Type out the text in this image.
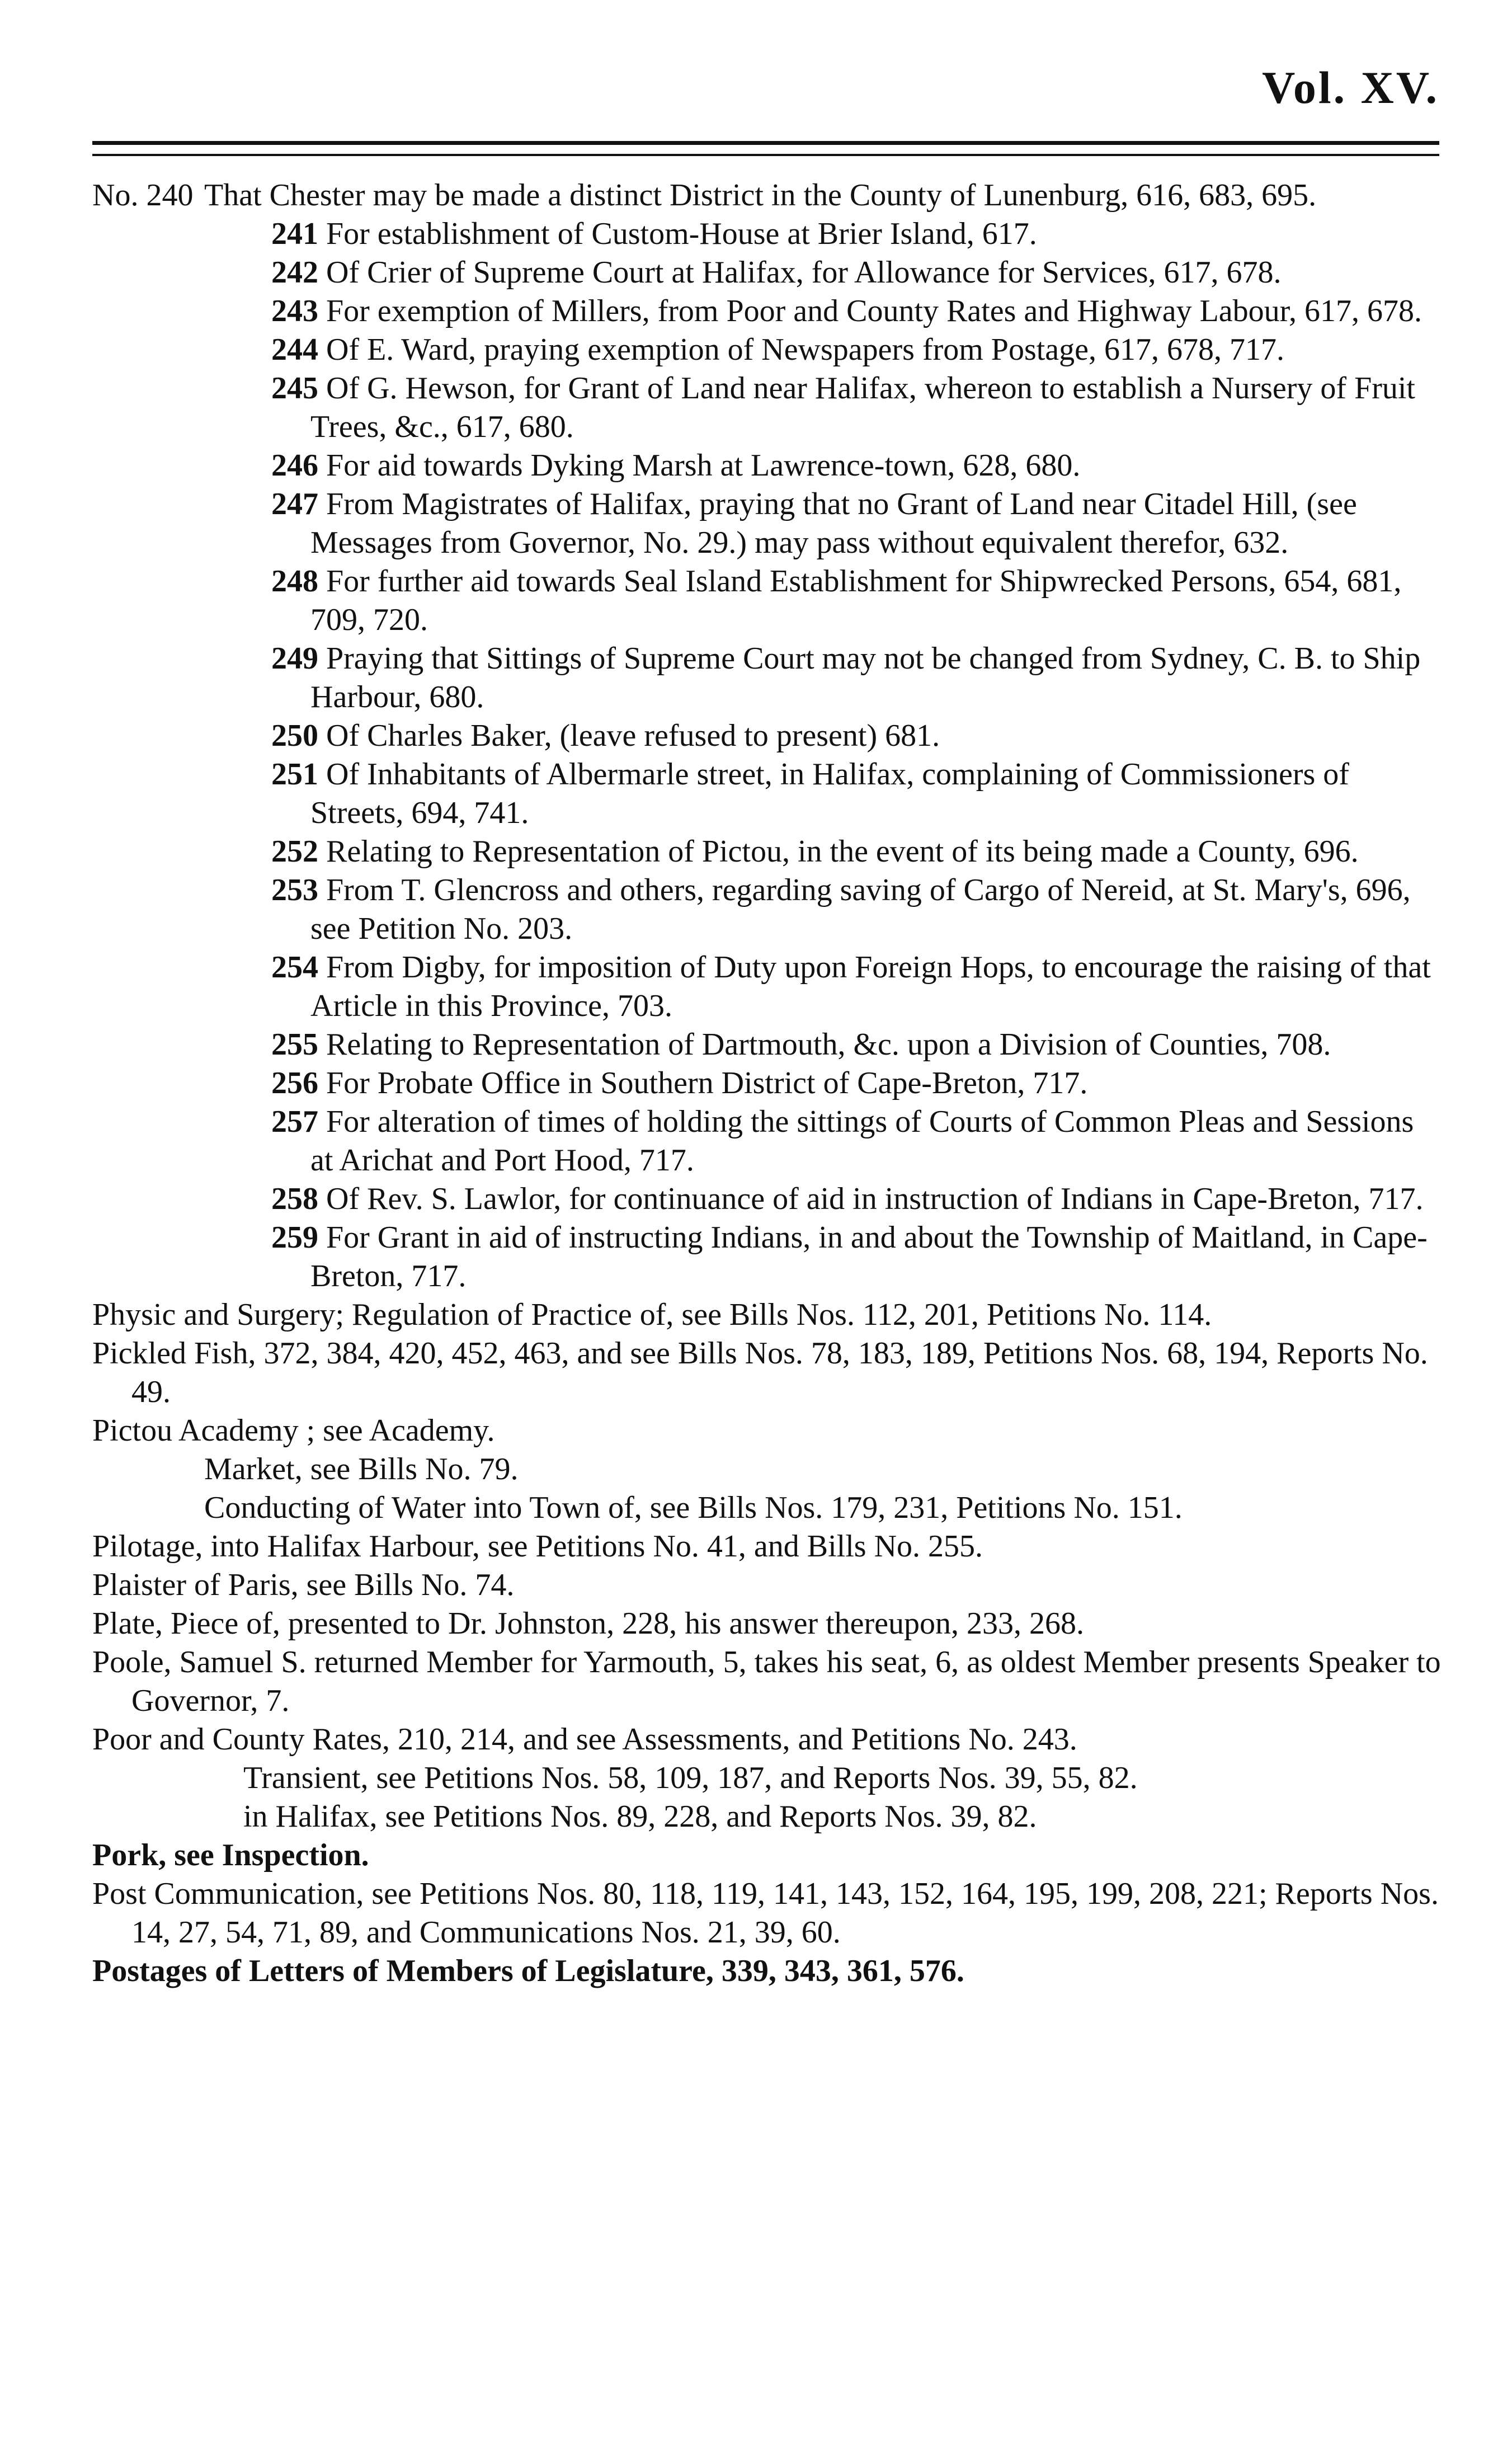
Vol. XV.
No. 240 That Chester may be made a distinct District in the County of Lunenburg, 616, 683, 695.
241 For establishment of Custom-House at Brier Island, 617.
242 Of Crier of Supreme Court at Halifax, for Allowance for Services, 617, 678.
243 For exemption of Millers, from Poor and County Rates and Highway Labour, 617, 678.
244 Of E. Ward, praying exemption of Newspapers from Postage, 617, 678, 717.
245 Of G. Hewson, for Grant of Land near Halifax, whereon to establish a Nursery of Fruit Trees, &c., 617, 680.
246 For aid towards Dyking Marsh at Lawrence-town, 628, 680.
247 From Magistrates of Halifax, praying that no Grant of Land near Citadel Hill, (see Messages from Governor, No. 29.) may pass without equivalent therefor, 632.
248 For further aid towards Seal Island Establishment for Shipwrecked Persons, 654, 681, 709, 720.
249 Praying that Sittings of Supreme Court may not be changed from Sydney, C. B. to Ship Harbour, 680.
250 Of Charles Baker, (leave refused to present) 681.
251 Of Inhabitants of Albermarle street, in Halifax, complaining of Commissioners of Streets, 694, 741.
252 Relating to Representation of Pictou, in the event of its being made a County, 696.
253 From T. Glencross and others, regarding saving of Cargo of Nereid, at St. Mary's, 696, see Petition No. 203.
254 From Digby, for imposition of Duty upon Foreign Hops, to encourage the raising of that Article in this Province, 703.
255 Relating to Representation of Dartmouth, &c. upon a Division of Counties, 708.
256 For Probate Office in Southern District of Cape-Breton, 717.
257 For alteration of times of holding the sittings of Courts of Common Pleas and Sessions at Arichat and Port Hood, 717.
258 Of Rev. S. Lawlor, for continuance of aid in instruction of Indians in Cape-Breton, 717.
259 For Grant in aid of instructing Indians, in and about the Township of Maitland, in Cape-Breton, 717.
Physic and Surgery; Regulation of Practice of, see Bills Nos. 112, 201, Petitions No. 114.
Pickled Fish, 372, 384, 420, 452, 463, and see Bills Nos. 78, 183, 189, Petitions Nos. 68, 194, Reports No. 49.
Pictou Academy ; see Academy.
Market, see Bills No. 79.
Conducting of Water into Town of, see Bills Nos. 179, 231, Petitions No. 151.
Pilotage, into Halifax Harbour, see Petitions No. 41, and Bills No. 255.
Plaister of Paris, see Bills No. 74.
Plate, Piece of, presented to Dr. Johnston, 228, his answer thereupon, 233, 268.
Poole, Samuel S. returned Member for Yarmouth, 5, takes his seat, 6, as oldest Member presents Speaker to Governor, 7.
Poor and County Rates, 210, 214, and see Assessments, and Petitions No. 243.
Transient, see Petitions Nos. 58, 109, 187, and Reports Nos. 39, 55, 82.
in Halifax, see Petitions Nos. 89, 228, and Reports Nos. 39, 82.
Pork, see Inspection.
Post Communication, see Petitions Nos. 80, 118, 119, 141, 143, 152, 164, 195, 199, 208, 221; Reports Nos. 14, 27, 54, 71, 89, and Communications Nos. 21, 39, 60.
Postages of Letters of Members of Legislature, 339, 343, 361, 576.
